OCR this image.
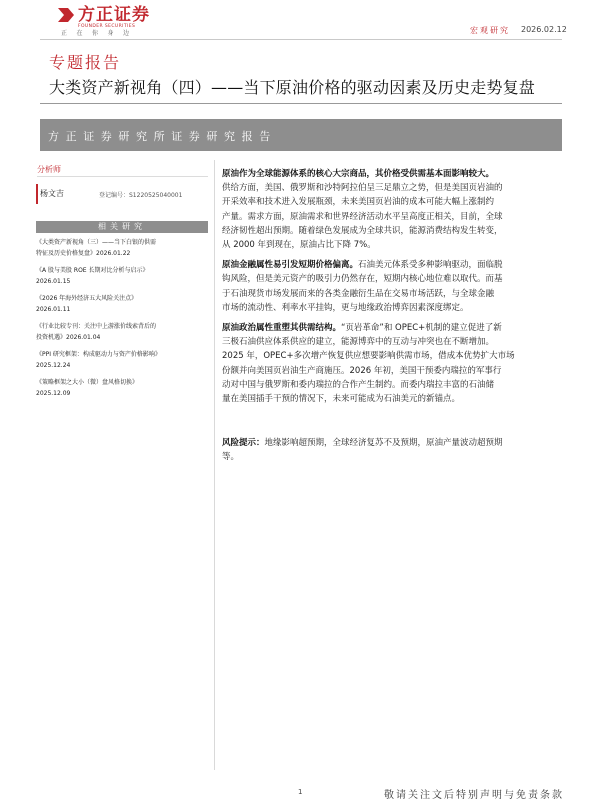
方正证券
FOUNDER SECURITIES
正在你身边	宏观研究 2026.02.12
专题报告
大类资产新视角（四）——当下原油价格的驱动因素及历史走势复盘
方正证券研究所证券研究报告
分析师
杨文吉	登记编号：S1220525040001
相关研究
《大类资产新视角（三）——当下白银的供需
特征及历史价格复盘》2026.01.22
《A 股与美股 ROE 长期对比分析与启示》
2026.01.15
《2026 年海外经济五大风险关注点》
2026.01.11
《行业比较专刊：关注中上游涨价线索背后的
投资机遇》2026.01.04
《PPI 研究框架：构成驱动力与资产价格影响》
2025.12.24
《策略框架之大小（微）盘风格切换》
2025.12.09
原油作为全球能源体系的核心大宗商品，其价格受供需基本面影响较大。
供给方面，美国、俄罗斯和沙特阿拉伯呈三足鼎立之势，但是美国页岩油的
开采效率和技术进入发展瓶颈，未来美国页岩油的成本可能大幅上涨制约
产量。需求方面，原油需求和世界经济活动水平呈高度正相关，目前，全球
经济韧性超出预期。随着绿色发展成为全球共识，能源消费结构发生转变，
从 2000 年到现在，原油占比下降 7%。
原油金融属性易引发短期价格偏离。石油美元体系受多种影响驱动，面临脱
钩风险，但是美元资产的吸引力仍然存在，短期内核心地位难以取代。而基
于石油现货市场发展而来的各类金融衍生品在交易市场活跃，与全球金融
市场的流动性、利率水平挂钩，更与地缘政治博弈因素深度绑定。
原油政治属性重塑其供需结构。“页岩革命”和 OPEC+机制的建立促进了新
三极石油供应体系供应的建立，能源博弈中的互动与冲突也在不断增加。
2025 年，OPEC+多次增产恢复供应想要影响供需市场，借成本优势扩大市场
份额并向美国页岩油生产商施压。2026 年初，美国干预委内瑞拉的军事行
动对中国与俄罗斯和委内瑞拉的合作产生制约。而委内瑞拉丰富的石油储
量在美国插手干预的情况下，未来可能成为石油美元的新锚点。
风险提示：地缘影响超预期，全球经济复苏不及预期，原油产量波动超预期
等。
1	敬请关注文后特别声明与免责条款
